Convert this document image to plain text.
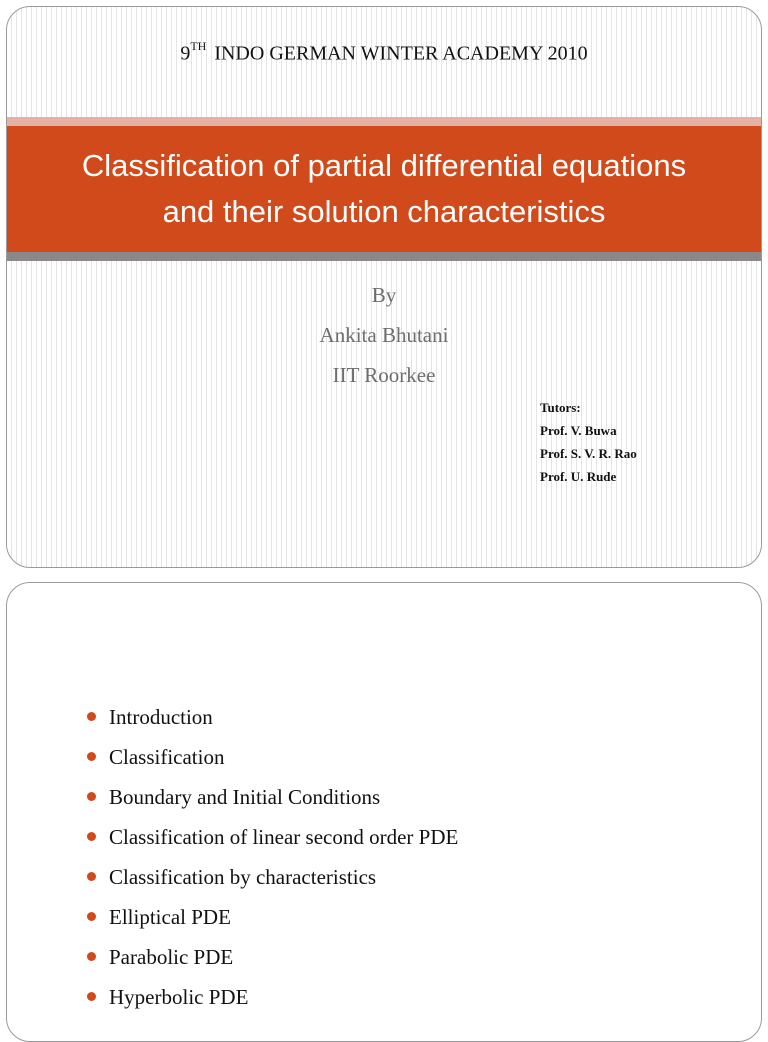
9TH INDO GERMAN WINTER ACADEMY 2010
Classification of partial differential equations and their solution characteristics
By
Ankita Bhutani
IIT Roorkee
Tutors:
Prof. V. Buwa
Prof. S. V. R. Rao
Prof. U. Rude
Introduction
Classification
Boundary and Initial Conditions
Classification of linear second order PDE
Classification by characteristics
Elliptical PDE
Parabolic PDE
Hyperbolic PDE
